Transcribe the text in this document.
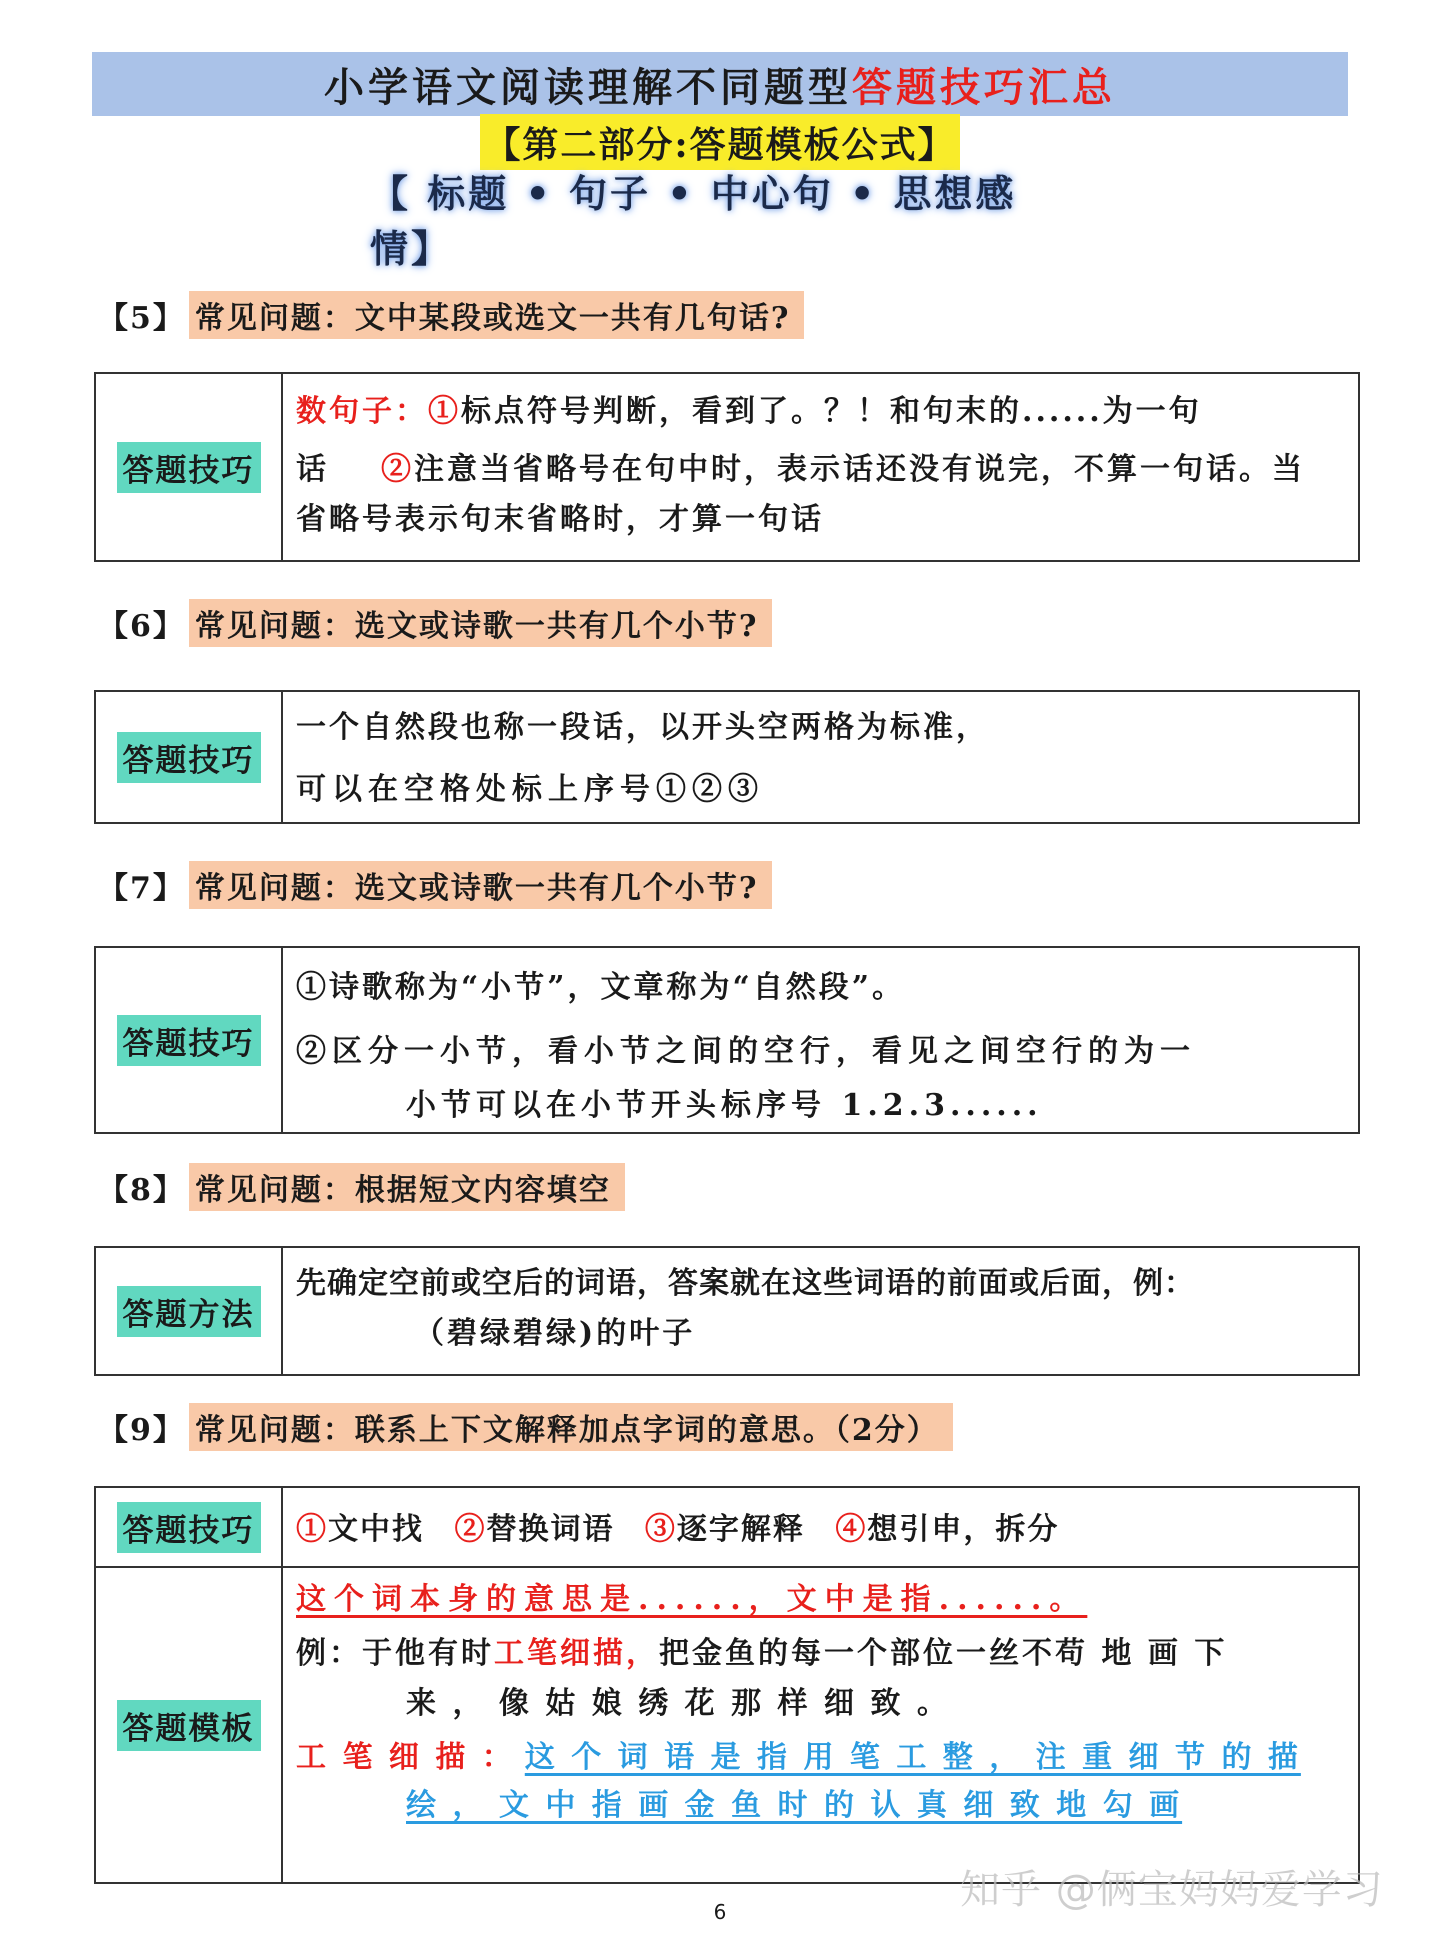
小学语文阅读理解不同题型 答题技巧汇总
【第二部分:答题模板公式】
【 标题 • 句子 • 中心句 • 思想感情】
【5】 常见问题：文中某段或选文一共有几句话?
答题技巧
数句子：①标点符号判断，看到了。？！和句末的......为一句
话 ②注意当省略号在句中时，表示话还没有说完，不算一句话。当
省略号表示句末省略时，才算一句话
【6】 常见问题：选文或诗歌一共有几个小节?
答题技巧
一个自然段也称一段话，以开头空两格为标准，
可以在空格处标上序号①②③
【7】 常见问题：选文或诗歌一共有几个小节?
答题技巧
①诗歌称为“小节”，文章称为“自然段”。
②区分一小节，看小节之间的空行，看见之间空行的为一
小节可以在小节开头标序号 1.2.3......
【8】 常见问题：根据短文内容填空
答题方法
先确定空前或空后的词语，答案就在这些词语的前面或后面，例：
（碧绿碧绿)的叶子
【9】 常见问题：联系上下文解释加点字词的意思。（2分）
答题技巧
答题模板
①文中找 ②替换词语 ③逐字解释 ④想引申，拆分
这个词本身的意思是......，文中是指......。
例：于他有时工笔细描，把金鱼的每一个部位一丝不苟 地 画 下
来 ， 像 姑 娘 绣 花 那 样 细 致 。
工 笔 细 描 ： 这 个 词 语 是 指 用 笔 工 整 ， 注 重 细 节 的 描
绘 ， 文 中 指 画 金 鱼 时 的 认 真 细 致 地 勾 画
知乎 @俩宝妈妈爱学习
6
